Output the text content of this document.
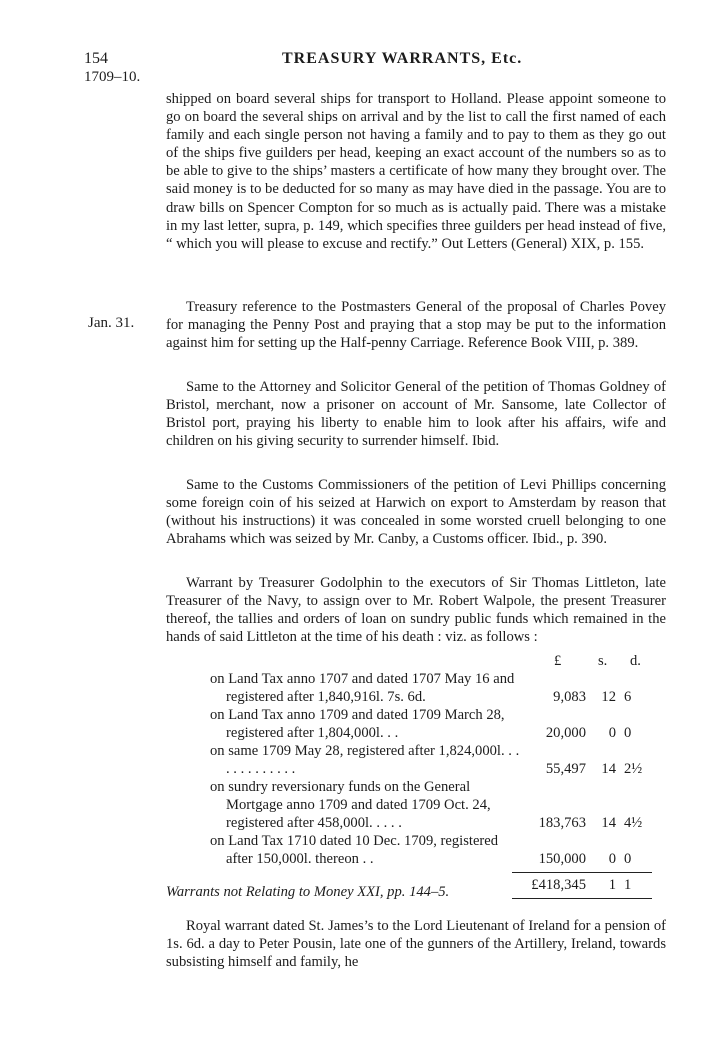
154	TREASURY WARRANTS, Etc.
1709–10.
Jan. 31.
shipped on board several ships for transport to Holland. Please appoint someone to go on board the several ships on arrival and by the list to call the first named of each family and each single person not having a family and to pay to them as they go out of the ships five guilders per head, keeping an exact account of the numbers so as to be able to give to the ships’ masters a certificate of how many they brought over. The said money is to be deducted for so many as may have died in the passage. You are to draw bills on Spencer Compton for so much as is actually paid. There was a mistake in my last letter, supra, p. 149, which specifies three guilders per head instead of five, “ which you will please to excuse and rectify.” Out Letters (General) XIX, p. 155.
Treasury reference to the Postmasters General of the proposal of Charles Povey for managing the Penny Post and praying that a stop may be put to the information against him for setting up the Half-penny Carriage. Reference Book VIII, p. 389.
Same to the Attorney and Solicitor General of the petition of Thomas Goldney of Bristol, merchant, now a prisoner on account of Mr. Sansome, late Collector of Bristol port, praying his liberty to enable him to look after his affairs, wife and children on his giving security to surrender himself. Ibid.
Same to the Customs Commissioners of the petition of Levi Phillips concerning some foreign coin of his seized at Harwich on export to Amsterdam by reason that (without his instructions) it was concealed in some worsted cruell belonging to one Abrahams which was seized by Mr. Canby, a Customs officer. Ibid., p. 390.
Warrant by Treasurer Godolphin to the executors of Sir Thomas Littleton, late Treasurer of the Navy, to assign over to Mr. Robert Walpole, the present Treasurer thereof, the tallies and orders of loan on sundry public funds which remained in the hands of said Littleton at the time of his death : viz. as follows :
£	s. d.
on Land Tax anno 1707 and dated 1707 May 16 and registered after 1,840,916l. 7s. 6d.	9,083	12 6
on Land Tax anno 1709 and dated 1709 March 28, registered after 1,804,000l. . .	20,000	0 0
on same 1709 May 28, registered after 1,824,000l. . . . . . . . . . . . .	55,497	14 2½
on sundry reversionary funds on the General Mortgage anno 1709 and dated 1709 Oct. 24, registered after 458,000l. . . . .	183,763	14 4½
on Land Tax 1710 dated 10 Dec. 1709, registered after 150,000l. thereon . .	150,000	0 0
£418,345	1 1
Warrants not Relating to Money XXI, pp. 144–5.
Royal warrant dated St. James’s to the Lord Lieutenant of Ireland for a pension of 1s. 6d. a day to Peter Pousin, late one of the gunners of the Artillery, Ireland, towards subsisting himself and family, he
